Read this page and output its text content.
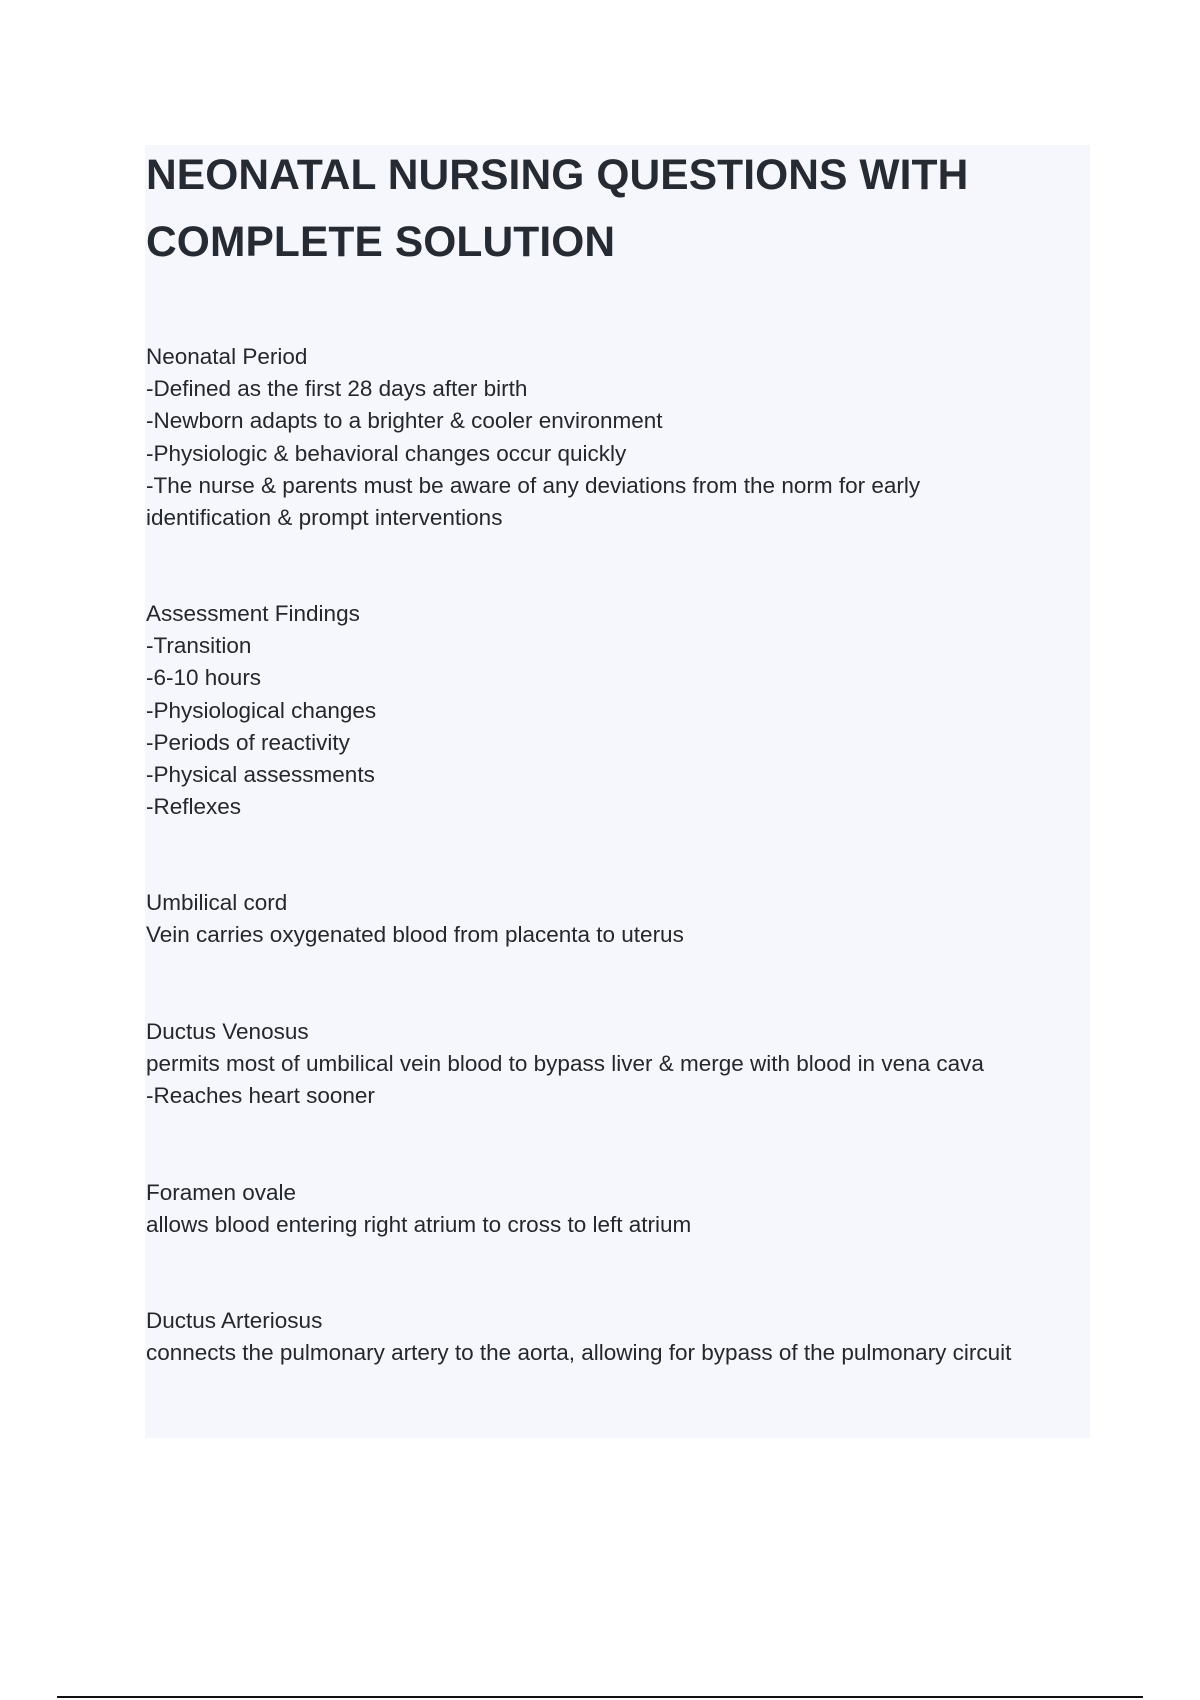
NEONATAL NURSING QUESTIONS WITH
COMPLETE SOLUTION
Neonatal Period
-Defined as the first 28 days after birth
-Newborn adapts to a brighter & cooler environment
-Physiologic & behavioral changes occur quickly
-The nurse & parents must be aware of any deviations from the norm for early
identification & prompt interventions
Assessment Findings
-Transition
-6-10 hours
-Physiological changes
-Periods of reactivity
-Physical assessments
-Reflexes
Umbilical cord
Vein carries oxygenated blood from placenta to uterus
Ductus Venosus
permits most of umbilical vein blood to bypass liver & merge with blood in vena cava
-Reaches heart sooner
Foramen ovale
allows blood entering right atrium to cross to left atrium
Ductus Arteriosus
connects the pulmonary artery to the aorta, allowing for bypass of the pulmonary circuit
